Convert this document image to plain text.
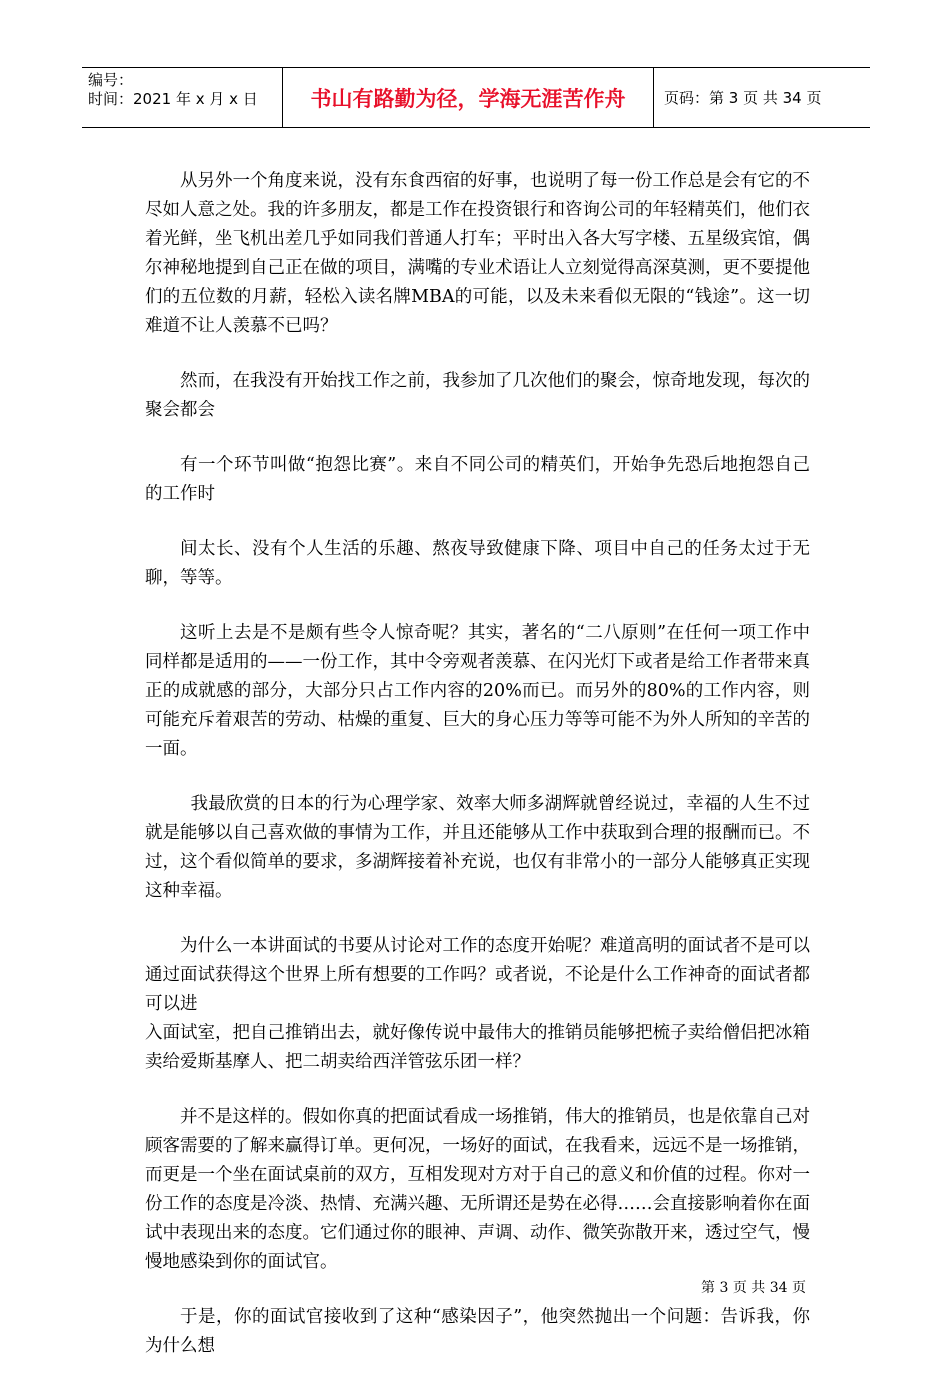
编号：
时间：2021 年 x 月 x 日	书山有路勤为径，学海无涯苦作舟	页码：第 3 页 共 34 页

从另外一个角度来说，没有东食西宿的好事，也说明了每一份工作总是会有它的不尽如人意之处。我的许多朋友，都是工作在投资银行和咨询公司的年轻精英们，他们衣着光鲜，坐飞机出差几乎如同我们普通人打车；平时出入各大写字楼、五星级宾馆，偶尔神秘地提到自己正在做的项目，满嘴的专业术语让人立刻觉得高深莫测，更不要提他们的五位数的月薪，轻松入读名牌MBA的可能，以及未来看似无限的“钱途”。这一切难道不让人羡慕不已吗？

然而，在我没有开始找工作之前，我参加了几次他们的聚会，惊奇地发现，每次的聚会都会

有一个环节叫做“抱怨比赛”。来自不同公司的精英们，开始争先恐后地抱怨自己的工作时

间太长、没有个人生活的乐趣、熬夜导致健康下降、项目中自己的任务太过于无聊，等等。

这听上去是不是颇有些令人惊奇呢？其实，著名的“二八原则”在任何一项工作中同样都是适用的——一份工作，其中令旁观者羡慕、在闪光灯下或者是给工作者带来真正的成就感的部分，大部分只占工作内容的20%而已。而另外的80%的工作内容，则可能充斥着艰苦的劳动、枯燥的重复、巨大的身心压力等等可能不为外人所知的辛苦的一面。

我最欣赏的日本的行为心理学家、效率大师多湖辉就曾经说过，幸福的人生不过就是能够以自己喜欢做的事情为工作，并且还能够从工作中获取到合理的报酬而已。不过，这个看似简单的要求，多湖辉接着补充说，也仅有非常小的一部分人能够真正实现这种幸福。

为什么一本讲面试的书要从讨论对工作的态度开始呢？难道高明的面试者不是可以通过面试获得这个世界上所有想要的工作吗？或者说，不论是什么工作神奇的面试者都可以进

入面试室，把自己推销出去，就好像传说中最伟大的推销员能够把梳子卖给僧侣把冰箱卖给爱斯基摩人、把二胡卖给西洋管弦乐团一样？

并不是这样的。假如你真的把面试看成一场推销，伟大的推销员，也是依靠自己对顾客需要的了解来赢得订单。更何况，一场好的面试，在我看来，远远不是一场推销，而更是一个坐在面试桌前的双方，互相发现对方对于自己的意义和价值的过程。你对一份工作的态度是冷淡、热情、充满兴趣、无所谓还是势在必得……会直接影响着你在面试中表现出来的态度。它们通过你的眼神、声调、动作、微笑弥散开来，透过空气，慢慢地感染到你的面试官。

于是，你的面试官接收到了这种“感染因子”，他突然抛出一个问题：告诉我，你为什么想

第 3 页 共 34 页
